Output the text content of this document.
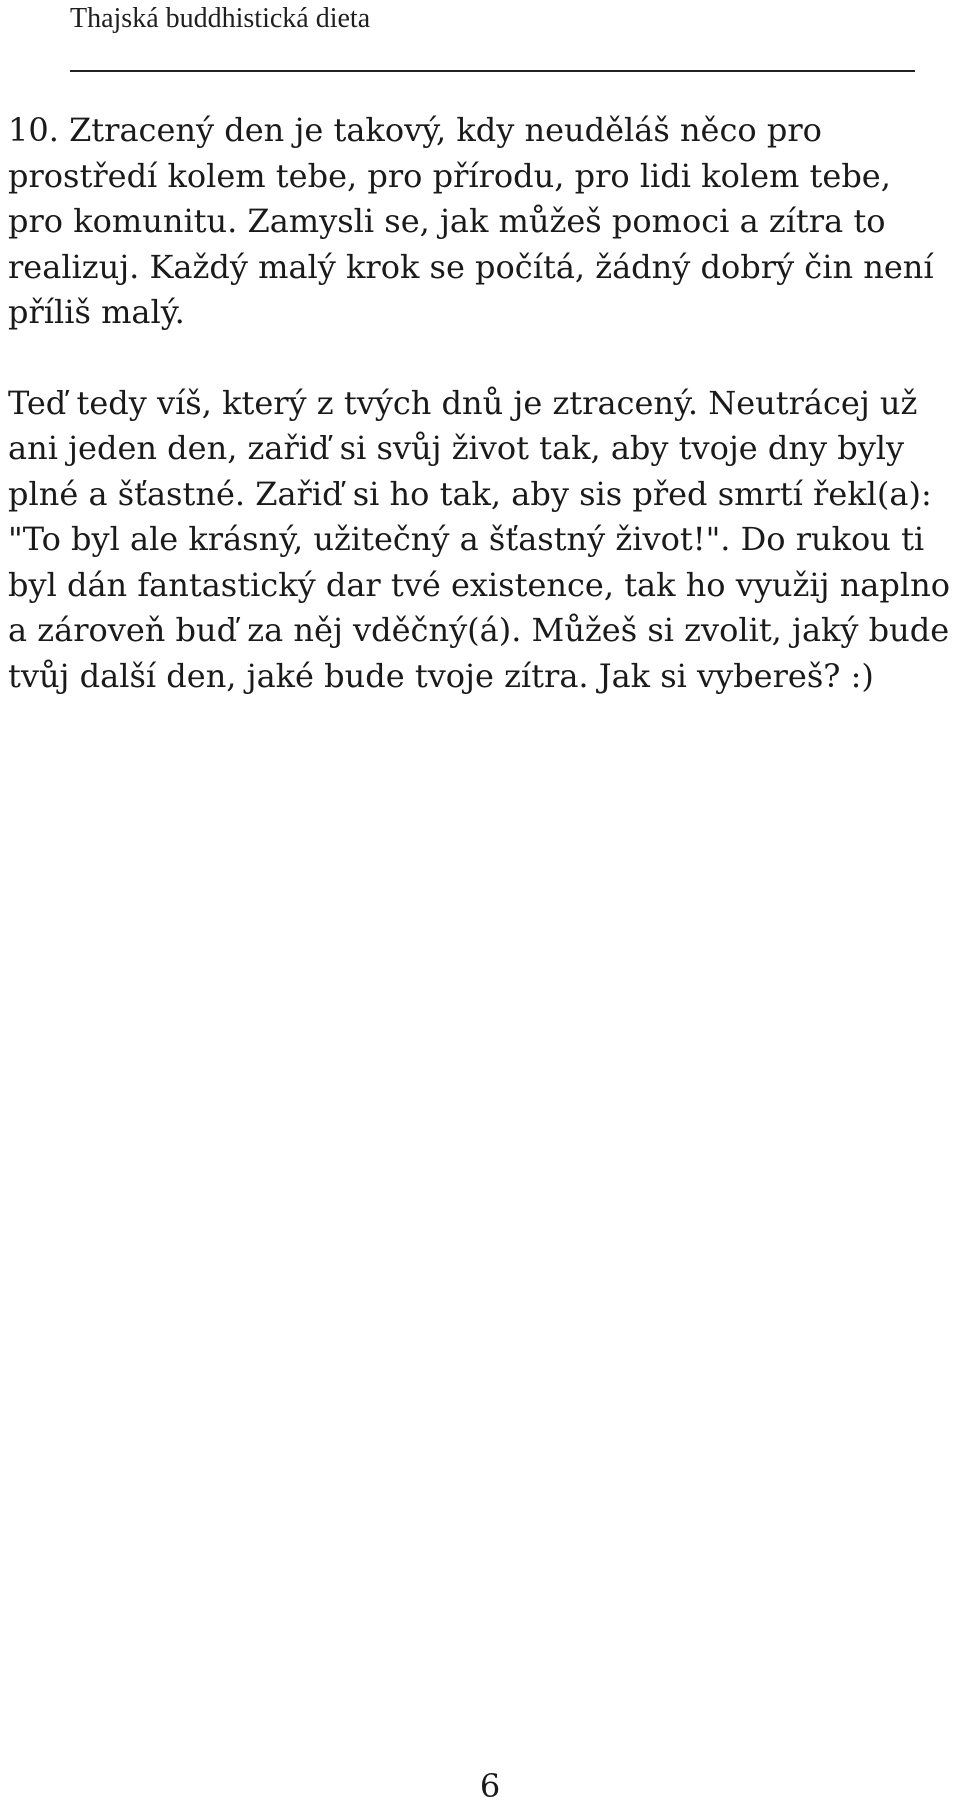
Thajská buddhistická dieta

10. Ztracený den je takový, kdy neuděláš něco pro prostředí kolem tebe, pro přírodu, pro lidi kolem tebe, pro komunitu. Zamysli se, jak můžeš pomoci a zítra to realizuj. Každý malý krok se počítá, žádný dobrý čin není příliš malý.

Teď tedy víš, který z tvých dnů je ztracený. Neutrácej už ani jeden den, zařiď si svůj život tak, aby tvoje dny byly plné a šťastné. Zařiď si ho tak, aby sis před smrtí řekl(a): "To byl ale krásný, užitečný a šťastný život!". Do rukou ti byl dán fantastický dar tvé existence, tak ho využij naplno a zároveň buď za něj vděčný(á). Můžeš si zvolit, jaký bude tvůj další den, jaké bude tvoje zítra. Jak si vybereš? :)

6
